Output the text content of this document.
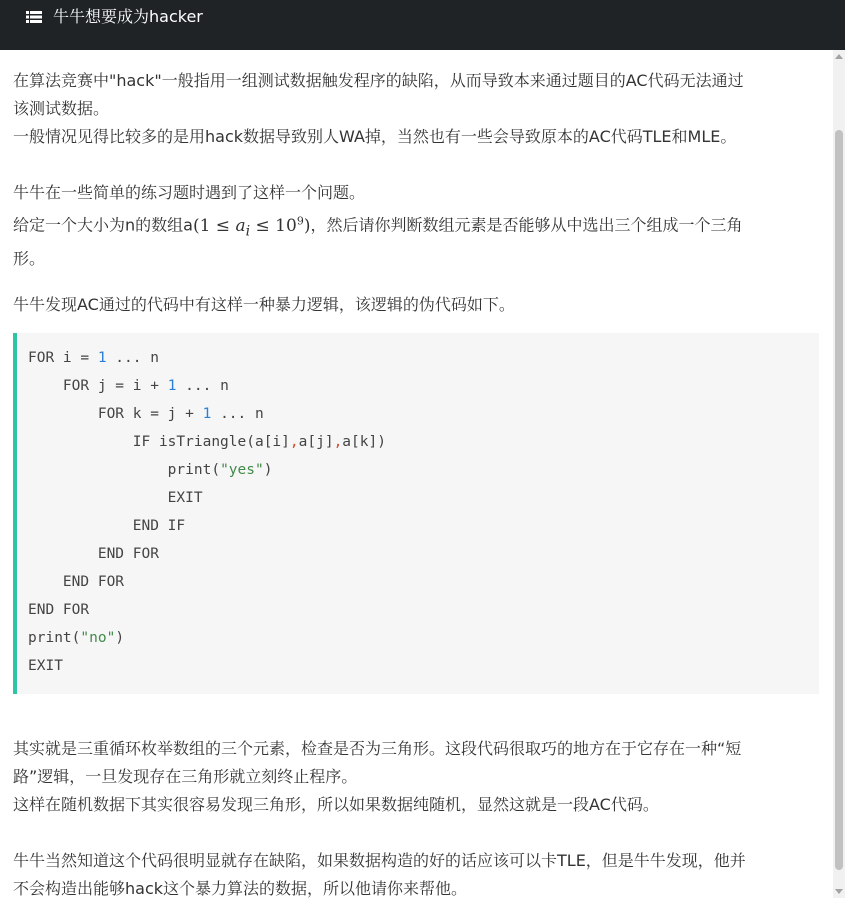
牛牛想要成为hacker

在算法竞赛中"hack"一般指用一组测试数据触发程序的缺陷，从而导致本来通过题目的AC代码无法通过

该测试数据。

一般情况见得比较多的是用hack数据导致别人WA掉，当然也有一些会导致原本的AC代码TLE和MLE。

牛牛在一些简单的练习题时遇到了这样一个问题。

给定一个大小为n的数组$a(1 \le a_i \le 10^9)$，然后请你判断数组元素是否能够从中选出三个组成一个三角

形。

牛牛发现AC通过的代码中有这样一种暴力逻辑，该逻辑的伪代码如下。

FOR i = 1 ... n
FOR j = i + 1 ... n
FOR k = j + 1 ... n
IF isTriangle(a[i],a[j],a[k])
print("yes")
EXIT
END IF
END FOR
END FOR
END FOR
print("no")
EXIT

其实就是三重循环枚举数组的三个元素，检查是否为三角形。这段代码很取巧的地方在于它存在一种“短

路”逻辑，一旦发现存在三角形就立刻终止程序。

这样在随机数据下其实很容易发现三角形，所以如果数据纯随机，显然这就是一段AC代码。

牛牛当然知道这个代码很明显就存在缺陷，如果数据构造的好的话应该可以卡TLE，但是牛牛发现，他并

不会构造出能够hack这个暴力算法的数据，所以他请你来帮他。
